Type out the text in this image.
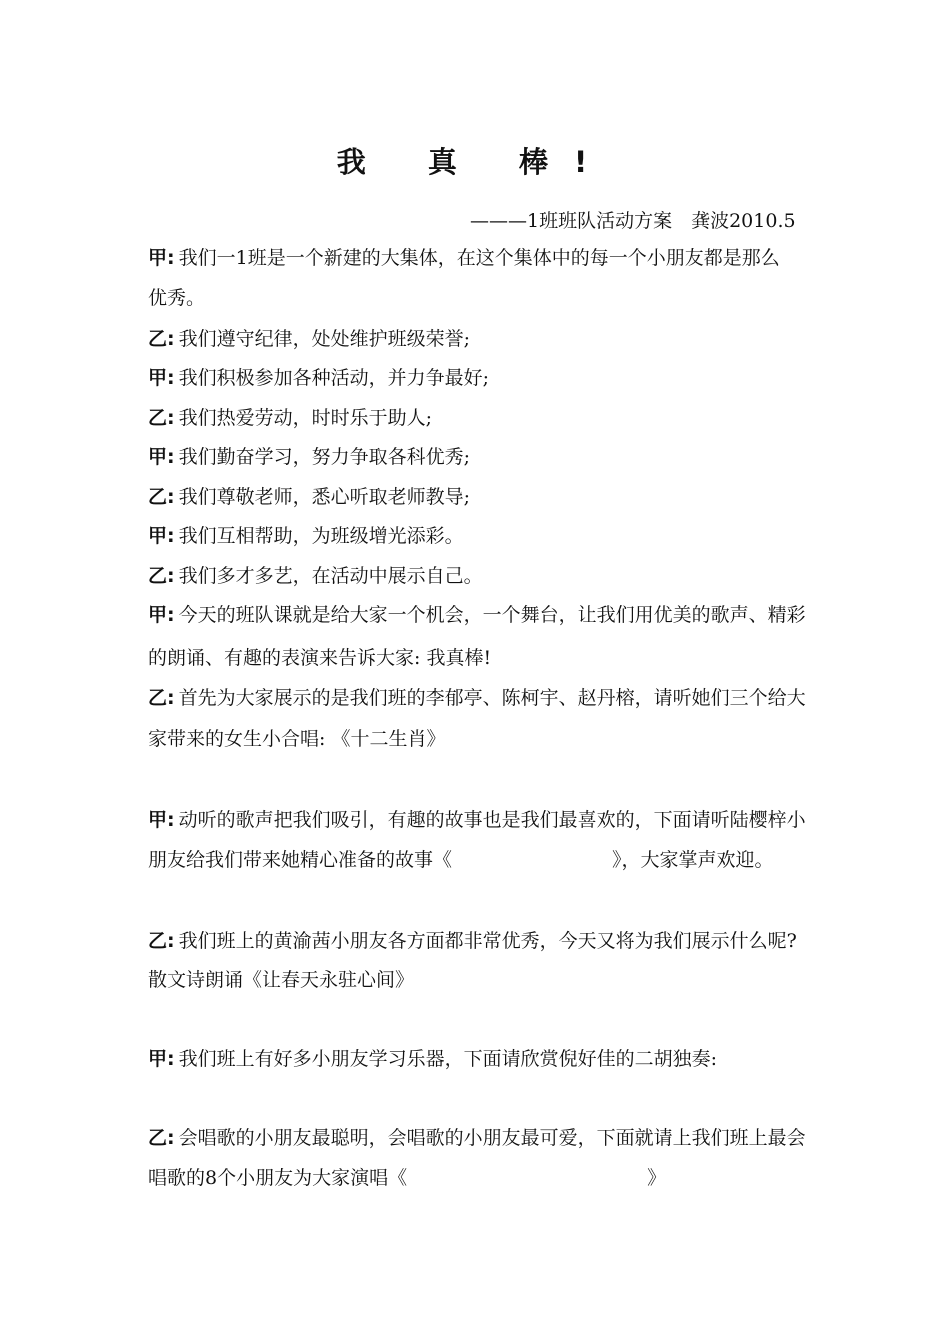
我 真 棒!
———1班班队活动方案　龚波2010.5
甲: 我们一1班是一个新建的大集体，在这个集体中的每一个小朋友都是那么
优秀。
乙: 我们遵守纪律，处处维护班级荣誉;
甲: 我们积极参加各种活动，并力争最好;
乙: 我们热爱劳动，时时乐于助人;
甲: 我们勤奋学习，努力争取各科优秀;
乙: 我们尊敬老师，悉心听取老师教导;
甲: 我们互相帮助，为班级增光添彩。
乙: 我们多才多艺，在活动中展示自己。
甲: 今天的班队课就是给大家一个机会，一个舞台，让我们用优美的歌声、精彩
的朗诵、有趣的表演来告诉大家: 我真棒!
乙: 首先为大家展示的是我们班的李郁亭、陈柯宇、赵丹榕，请听她们三个给大
家带来的女生小合唱: 《十二生肖》
甲: 动听的歌声把我们吸引，有趣的故事也是我们最喜欢的，下面请听陆樱梓小
朋友给我们带来她精心准备的故事《	》，大家掌声欢迎。
乙: 我们班上的黄渝茜小朋友各方面都非常优秀，今天又将为我们展示什么呢?
散文诗朗诵《让春天永驻心间》
甲: 我们班上有好多小朋友学习乐器，下面请欣赏倪好佳的二胡独奏:
乙: 会唱歌的小朋友最聪明，会唱歌的小朋友最可爱，下面就请上我们班上最会
唱歌的8个小朋友为大家演唱《	》
